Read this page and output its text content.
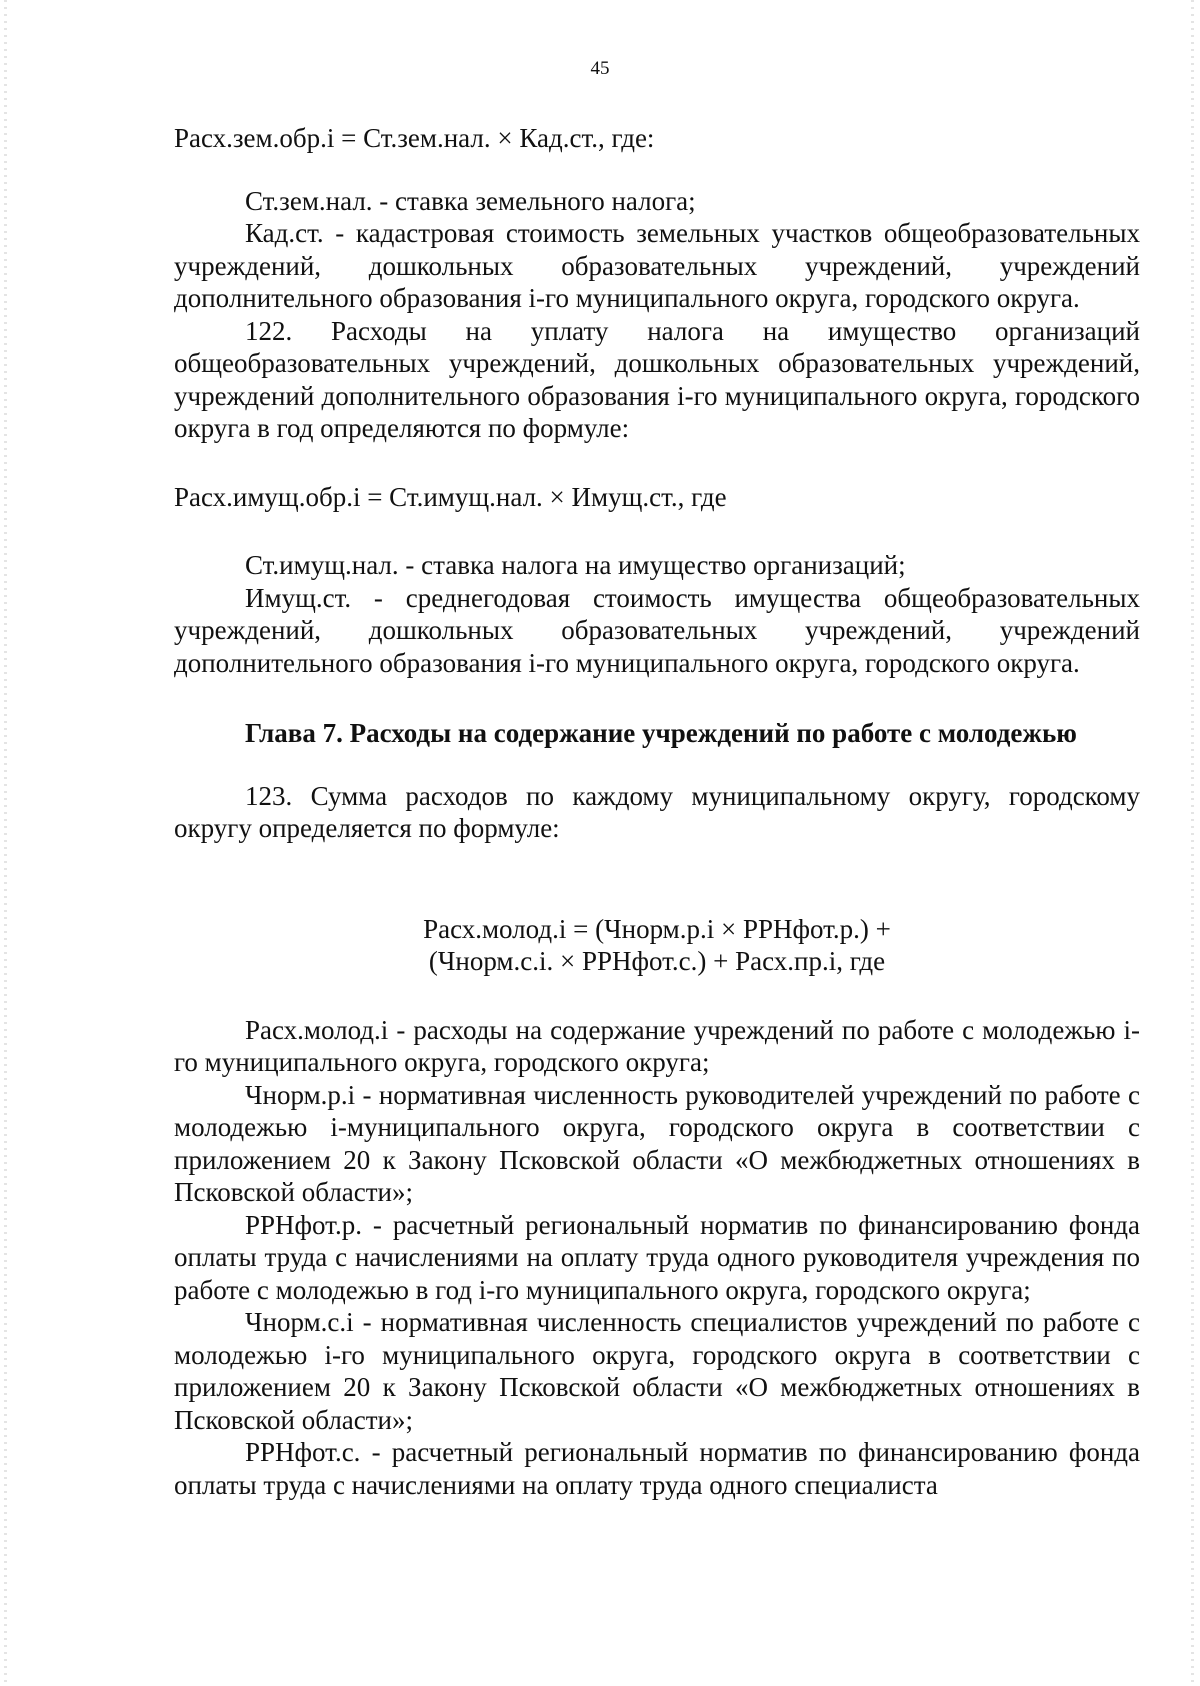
45

Расх.зем.обр.i = Ст.зем.нал. × Кад.ст., где:

Ст.зем.нал. - ставка земельного налога;

Кад.ст. - кадастровая стоимость земельных участков общеобразовательных учреждений, дошкольных образовательных учреждений, учреждений дополнительного образования i-го муниципального округа, городского округа.

122. Расходы на уплату налога на имущество организаций общеобразовательных учреждений, дошкольных образовательных учреждений, учреждений дополнительного образования i-го муниципального округа, городского округа в год определяются по формуле:

Расх.имущ.обр.i = Ст.имущ.нал. × Имущ.ст., где

Ст.имущ.нал. - ставка налога на имущество организаций;

Имущ.ст. - среднегодовая стоимость имущества общеобразовательных учреждений, дошкольных образовательных учреждений, учреждений дополнительного образования i-го муниципального округа, городского округа.

Глава 7. Расходы на содержание учреждений по работе с молодежью

123. Сумма расходов по каждому муниципальному округу, городскому округу определяется по формуле:

Расх.молод.i = (Чнорм.р.i × РРНфот.р.) +
(Чнорм.с.i. × РРНфот.с.) + Расх.пр.i, где

Расх.молод.i - расходы на содержание учреждений по работе с молодежью i-го муниципального округа, городского округа;

Чнорм.р.i - нормативная численность руководителей учреждений по работе с молодежью i-муниципального округа, городского округа в соответствии с приложением 20 к Закону Псковской области «О межбюджетных отношениях в Псковской области»;

РРНфот.р. - расчетный региональный норматив по финансированию фонда оплаты труда с начислениями на оплату труда одного руководителя учреждения по работе с молодежью в год i-го муниципального округа, городского округа;

Чнорм.с.i - нормативная численность специалистов учреждений по работе с молодежью i-го муниципального округа, городского округа в соответствии с приложением 20 к Закону Псковской области «О межбюджетных отношениях в Псковской области»;

РРНфот.с. - расчетный региональный норматив по финансированию фонда оплаты труда с начислениями на оплату труда одного специалиста
